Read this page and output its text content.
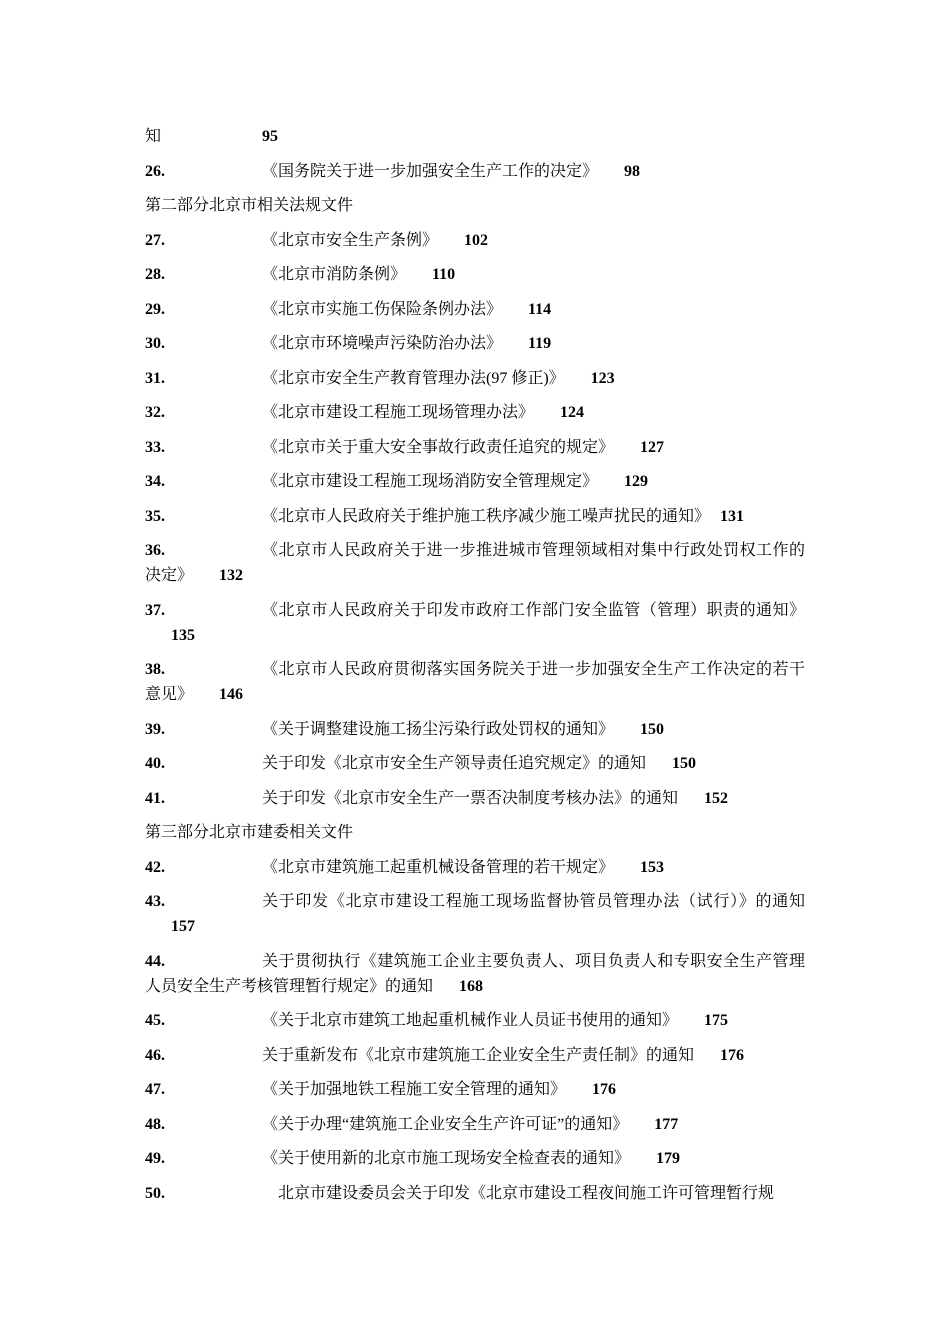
知	95
26.	《国务院关于进一步加强安全生产工作的决定》 98
第二部分北京市相关法规文件
27.	《北京市安全生产条例》 102
28.	《北京市消防条例》 110
29.	《北京市实施工伤保险条例办法》 114
30.	《北京市环境噪声污染防治办法》 119
31.	《北京市安全生产教育管理办法(97 修正)》 123
32.	《北京市建设工程施工现场管理办法》 124
33.	《北京市关于重大安全事故行政责任追究的规定》 127
34.	《北京市建设工程施工现场消防安全管理规定》 129
35.	《北京市人民政府关于维护施工秩序减少施工噪声扰民的通知》 131
36.	《北京市人民政府关于进一步推进城市管理领域相对集中行政处罚权工作的决定》 132
37.	《北京市人民政府关于印发市政府工作部门安全监管（管理）职责的通知》135
38.	《北京市人民政府贯彻落实国务院关于进一步加强安全生产工作决定的若干意见》 146
39.	《关于调整建设施工扬尘污染行政处罚权的通知》 150
40.	关于印发《北京市安全生产领导责任追究规定》的通知 150
41.	关于印发《北京市安全生产一票否决制度考核办法》的通知 152
第三部分北京市建委相关文件
42.	《北京市建筑施工起重机械设备管理的若干规定》 153
43.	关于印发《北京市建设工程施工现场监督协管员管理办法（试行）》的通知157
44.	关于贯彻执行《建筑施工企业主要负责人、项目负责人和专职安全生产管理人员安全生产考核管理暂行规定》的通知 168
45.	《关于北京市建筑工地起重机械作业人员证书使用的通知》 175
46.	关于重新发布《北京市建筑施工企业安全生产责任制》的通知 176
47.	《关于加强地铁工程施工安全管理的通知》 176
48.	《关于办理“建筑施工企业安全生产许可证”的通知》 177
49.	《关于使用新的北京市施工现场安全检查表的通知》 179
50.	北京市建设委员会关于印发《北京市建设工程夜间施工许可管理暂行规
